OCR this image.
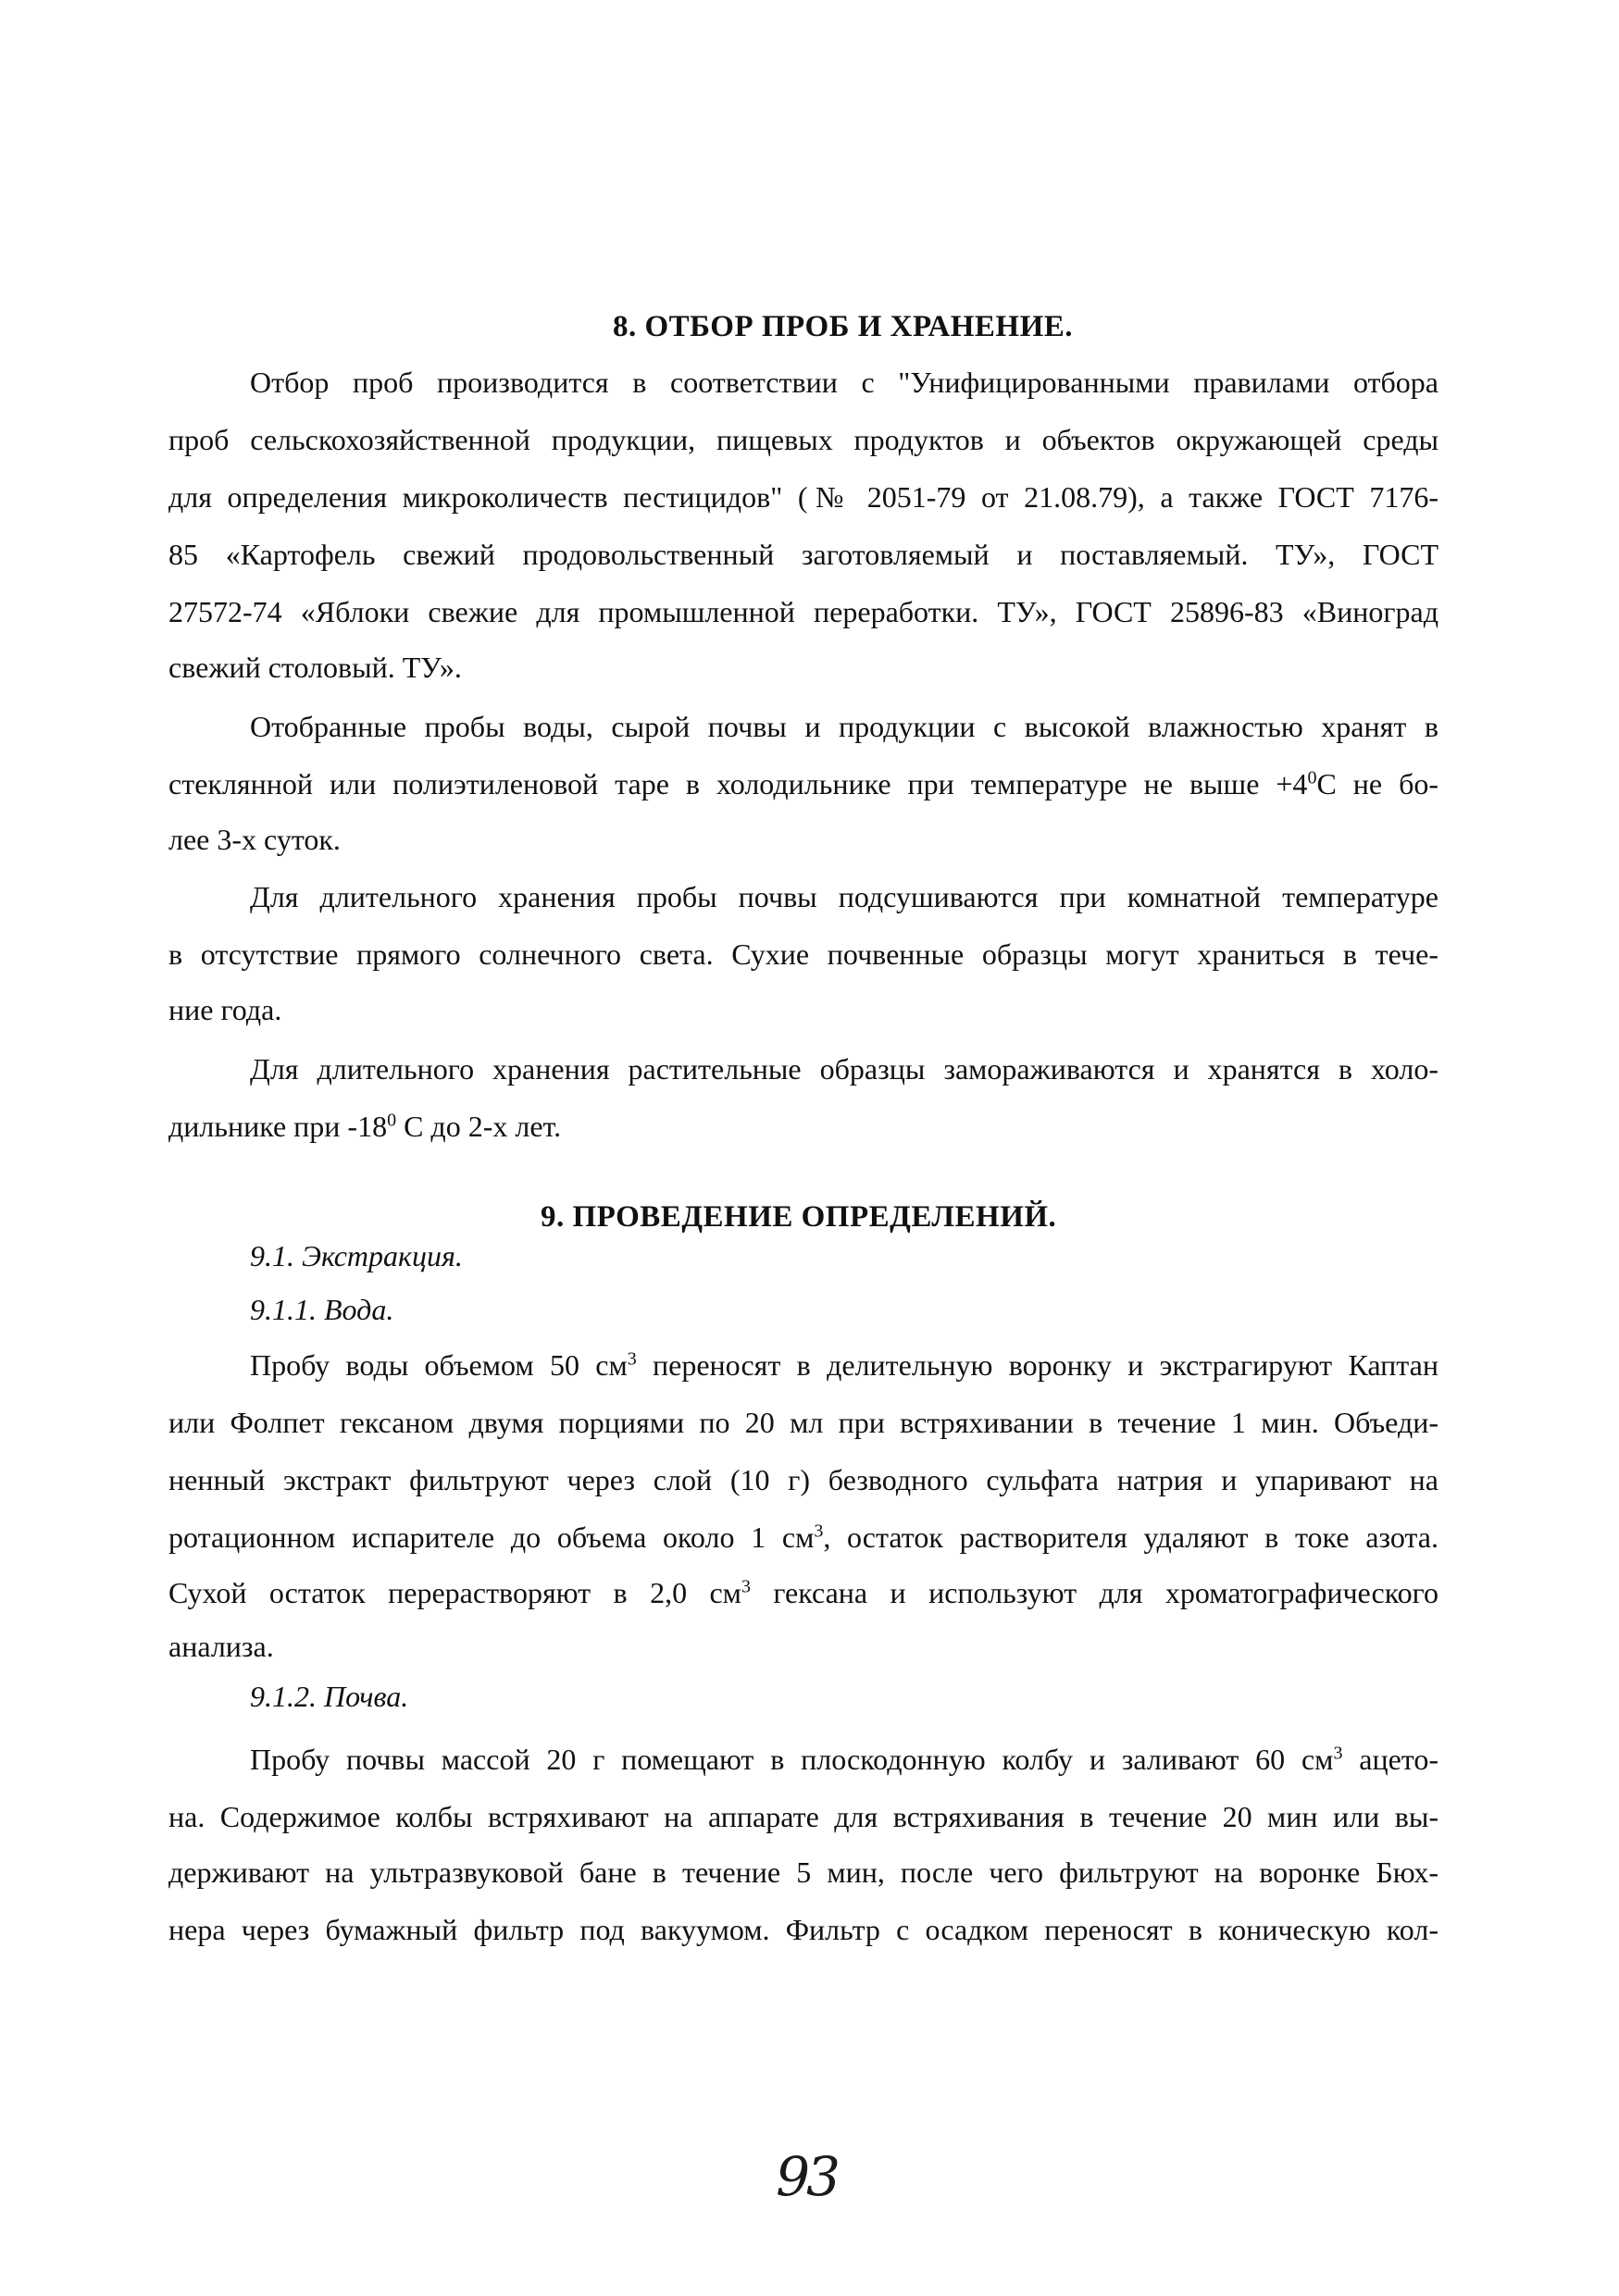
8. ОТБОР ПРОБ И ХРАНЕНИЕ.
Отбор проб производится в соответствии с "Унифицированными правилами отбора
проб сельскохозяйственной продукции, пищевых продуктов и объектов окружающей среды
для определения микроколичеств пестицидов" (№ 2051-79 от 21.08.79), а также ГОСТ 7176-
85 «Картофель свежий продовольственный заготовляемый и поставляемый. ТУ», ГОСТ
27572-74 «Яблоки свежие для промышленной переработки. ТУ», ГОСТ 25896-83 «Виноград
свежий столовый. ТУ».
Отобранные пробы воды, сырой почвы и продукции с высокой влажностью хранят в
стеклянной или полиэтиленовой таре в холодильнике при температуре не выше $+4^0С$ не бо-
лее 3-х суток.
Для длительного хранения пробы почвы подсушиваются при комнатной температуре
в отсутствие прямого солнечного света. Сухие почвенные образцы могут храниться в тече-
ние года.
Для длительного хранения растительные образцы замораживаются и хранятся в холо-
дильнике при $-18^0$ С до 2-х лет.
9. ПРОВЕДЕНИЕ ОПРЕДЕЛЕНИЙ.
9.1. Экстракция.
9.1.1. Вода.
Пробу воды объемом 50 $см^3$ переносят в делительную воронку и экстрагируют Каптан
или Фолпет гексаном двумя порциями по 20 мл при встряхивании в течение 1 мин. Объеди-
ненный экстракт фильтруют через слой (10 г) безводного сульфата натрия и упаривают на
ротационном испарителе до объема около 1 $см^3$, остаток растворителя удаляют в токе азота.
Сухой остаток перерастворяют в 2,0 $см^3$ гексана и используют для хроматографического
анализа.
9.1.2. Почва.
Пробу почвы массой 20 г помещают в плоскодонную колбу и заливают 60 $см^3$ ацето-
на. Содержимое колбы встряхивают на аппарате для встряхивания в течение 20 мин или вы-
держивают на ультразвуковой бане в течение 5 мин, после чего фильтруют на воронке Бюх-
нера через бумажный фильтр под вакуумом. Фильтр с осадком переносят в коническую кол-
93
